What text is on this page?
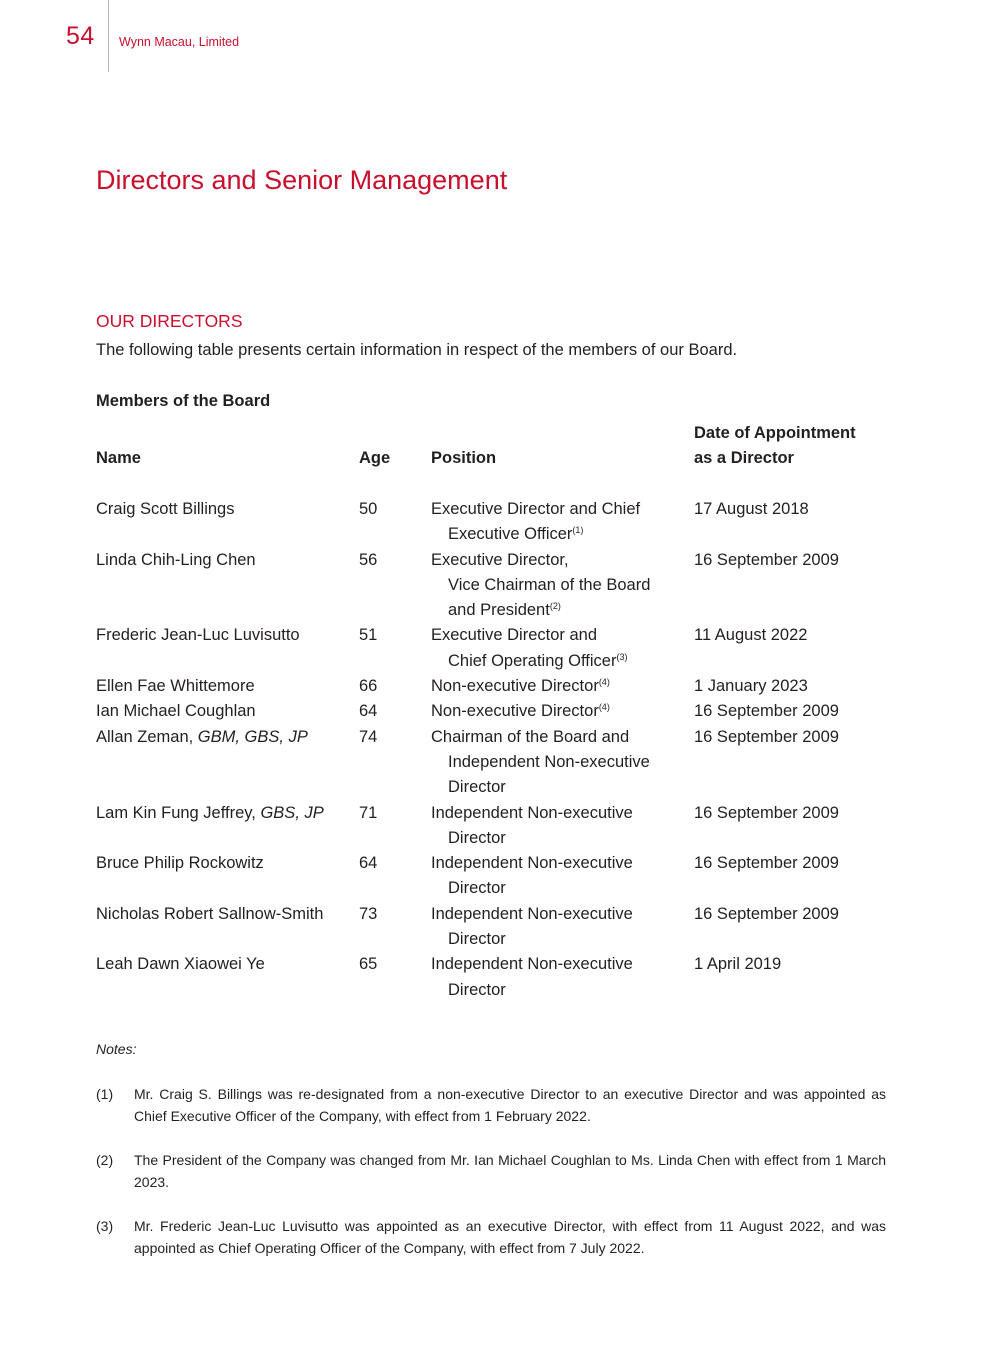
54 Wynn Macau, Limited
Directors and Senior Management
OUR DIRECTORS

The following table presents certain information in respect of the members of our Board.

Members of the Board

Name	Age Position
Date of Appointment
as a Director
Craig Scott Billings	50	Executive Director and Chief
Executive Officer$^{(1)}$
17 August 2018
Linda Chih-Ling Chen	56	Executive Director,
Vice Chairman of the Board
and President$^{(2)}$
16 September 2009
Frederic Jean-Luc Luvisutto	51	Executive Director and
Chief Operating Officer$^{(3)}$
11 August 2022
Ellen Fae Whittemore	66	Non-executive Director$^{(4)}$	1 January 2023
Ian Michael Coughlan	64	Non-executive Director$^{(4)}$	16 September 2009
Allan Zeman, GBM, GBS, JP	74	Chairman of the Board and
Independent Non-executive
Director
16 September 2009
Lam Kin Fung Jeffrey, GBS, JP	71	Independent Non-executive
Director
16 September 2009
Bruce Philip Rockowitz	64	Independent Non-executive
Director
16 September 2009
Nicholas Robert Sallnow-Smith	73	Independent Non-executive
Director
16 September 2009
Leah Dawn Xiaowei Ye	65	Independent Non-executive
Director
1 April 2019

Notes:

(1)	Mr. Craig S. Billings was re-designated from a non-executive Director to an executive Director and was appointed as Chief Executive Officer of the Company, with effect from 1 February 2022.
(2)	The President of the Company was changed from Mr. Ian Michael Coughlan to Ms. Linda Chen with effect from 1 March 2023.
(3)	Mr. Frederic Jean-Luc Luvisutto was appointed as an executive Director, with effect from 11 August 2022, and was appointed as Chief Operating Officer of the Company, with effect from 7 July 2022.
